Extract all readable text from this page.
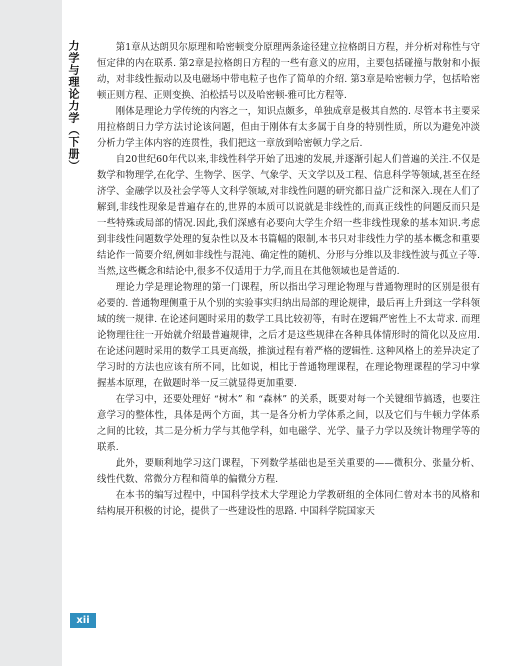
力学与理论力学（下册）
xii

第1章从达朗贝尔原理和哈密顿变分原理两条途径建立拉格朗日方程，并分析对称性与守恒定律的内在联系. 第2章是拉格朗日方程的一些有意义的应用，主要包括碰撞与散射和小振动，对非线性振动以及电磁场中带电粒子也作了简单的介绍. 第3章是哈密顿力学，包括哈密顿正则方程、正则变换、泊松括号以及哈密顿-雅可比方程等.

刚体是理论力学传统的内容之一，知识点颇多，单独成章是极其自然的. 尽管本书主要采用拉格朗日力学方法讨论该问题，但由于刚体有太多属于自身的特别性质，所以为避免冲淡分析力学主体内容的连贯性，我们把这一章放到哈密顿力学之后.

自20世纪60年代以来,非线性科学开始了迅速的发展,并逐渐引起人们普遍的关注.不仅是数学和物理学,在化学、生物学、医学、气象学、天文学以及工程、信息科学等领域,甚至在经济学、金融学以及社会学等人文科学领域,对非线性问题的研究都日益广泛和深入.现在人们了解到,非线性现象是普遍存在的,世界的本质可以说就是非线性的,而真正线性的问题反而只是一些特殊或局部的情况.因此,我们深感有必要向大学生介绍一些非线性现象的基本知识.考虑到非线性问题数学处理的复杂性以及本书篇幅的限制,本书只对非线性力学的基本概念和重要结论作一简要介绍,例如非线性与混沌、确定性的随机、分形与分维以及非线性波与孤立子等.当然,这些概念和结论中,很多不仅适用于力学,而且在其他领域也是普适的.

理论力学是理论物理的第一门课程，所以指出学习理论物理与普通物理时的区别是很有必要的. 普通物理侧重于从个别的实验事实归纳出局部的理论规律，最后再上升到这一学科领域的统一规律. 在论述问题时采用的数学工具比较初等，有时在逻辑严密性上不太苛求. 而理论物理往往一开始就介绍最普遍规律，之后才是这些规律在各种具体情形时的简化以及应用. 在论述问题时采用的数学工具更高级，推演过程有着严格的逻辑性. 这种风格上的差异决定了学习时的方法也应该有所不同，比如说，相比于普通物理课程，在理论物理课程的学习中掌握基本原理，在做题时举一反三就显得更加重要.

在学习中，还要处理好 “树木” 和 “森林” 的关系，既要对每一个关键细节搞透，也要注意学习的整体性，具体是两个方面，其一是各分析力学体系之间，以及它们与牛顿力学体系之间的比较，其二是分析力学与其他学科，如电磁学、光学、量子力学以及统计物理学等的联系.

此外，要顺利地学习这门课程，下列数学基础也是至关重要的——微积分、张量分析、线性代数、常微分方程和简单的偏微分方程.

在本书的编写过程中，中国科学技术大学理论力学教研组的全体同仁曾对本书的风格和结构展开积极的讨论，提供了一些建设性的思路. 中国科学院国家天
